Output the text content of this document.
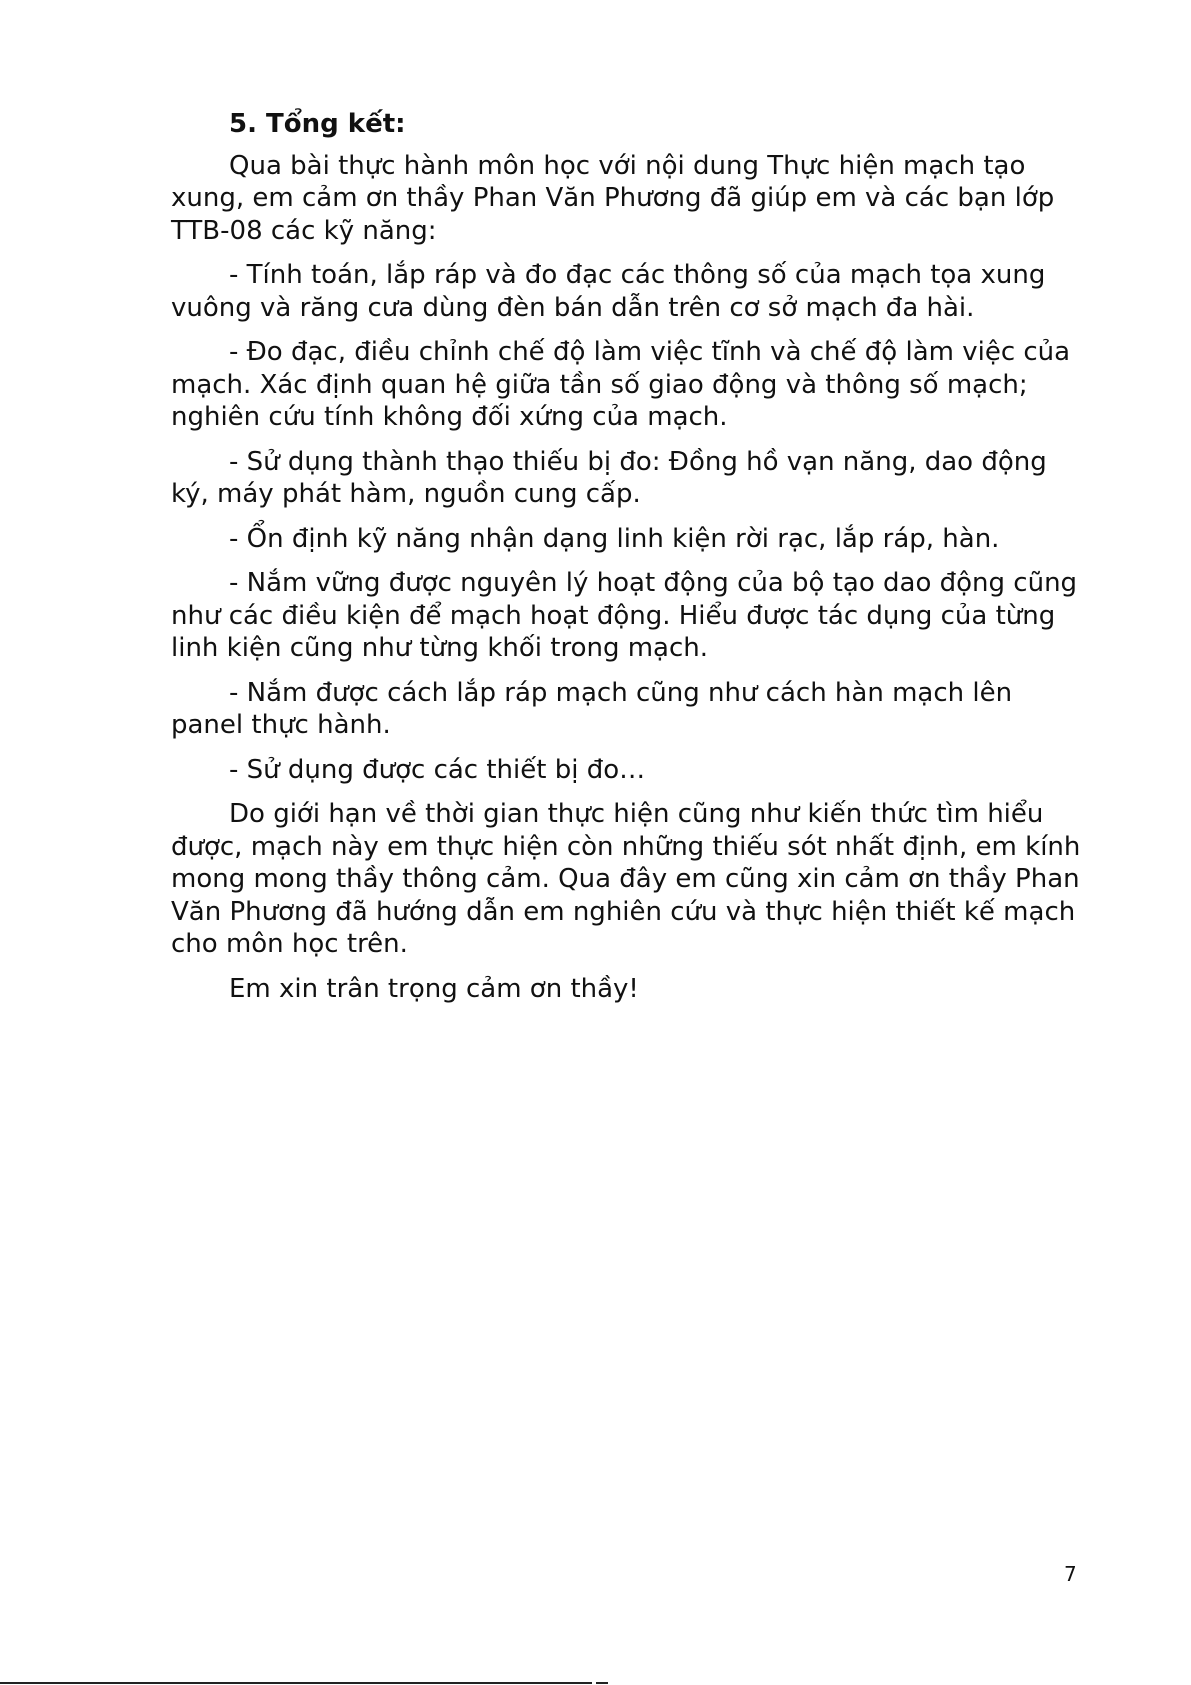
5. Tổng kết:

Qua bài thực hành môn học với nội dung Thực hiện mạch tạo xung, em cảm ơn thầy Phan Văn Phương đã giúp em và các bạn lớp TTB-08 các kỹ năng:

- Tính toán, lắp ráp và đo đạc các thông số của mạch tọa xung vuông và răng cưa dùng đèn bán dẫn trên cơ sở mạch đa hài.

- Đo đạc, điều chỉnh chế độ làm việc tĩnh và chế độ làm việc của mạch. Xác định quan hệ giữa tần số giao động và thông số mạch; nghiên cứu tính không đối xứng của mạch.

- Sử dụng thành thạo thiếu bị đo: Đồng hồ vạn năng, dao động ký, máy phát hàm, nguồn cung cấp.

- Ổn định kỹ năng nhận dạng linh kiện rời rạc, lắp ráp, hàn.

- Nắm vững được nguyên lý hoạt động của bộ tạo dao động cũng như các điều kiện để mạch hoạt động. Hiểu được tác dụng của từng linh kiện cũng như từng khối trong mạch.

- Nắm được cách lắp ráp mạch cũng như cách hàn mạch lên panel thực hành.

- Sử dụng được các thiết bị đo…

Do giới hạn về thời gian thực hiện cũng như kiến thức tìm hiểu được, mạch này em thực hiện còn những thiếu sót nhất định, em kính mong mong thầy thông cảm. Qua đây em cũng xin cảm ơn thầy Phan Văn Phương đã hướng dẫn em nghiên cứu và thực hiện thiết kế mạch cho môn học trên.

Em xin trân trọng cảm ơn thầy!

7
